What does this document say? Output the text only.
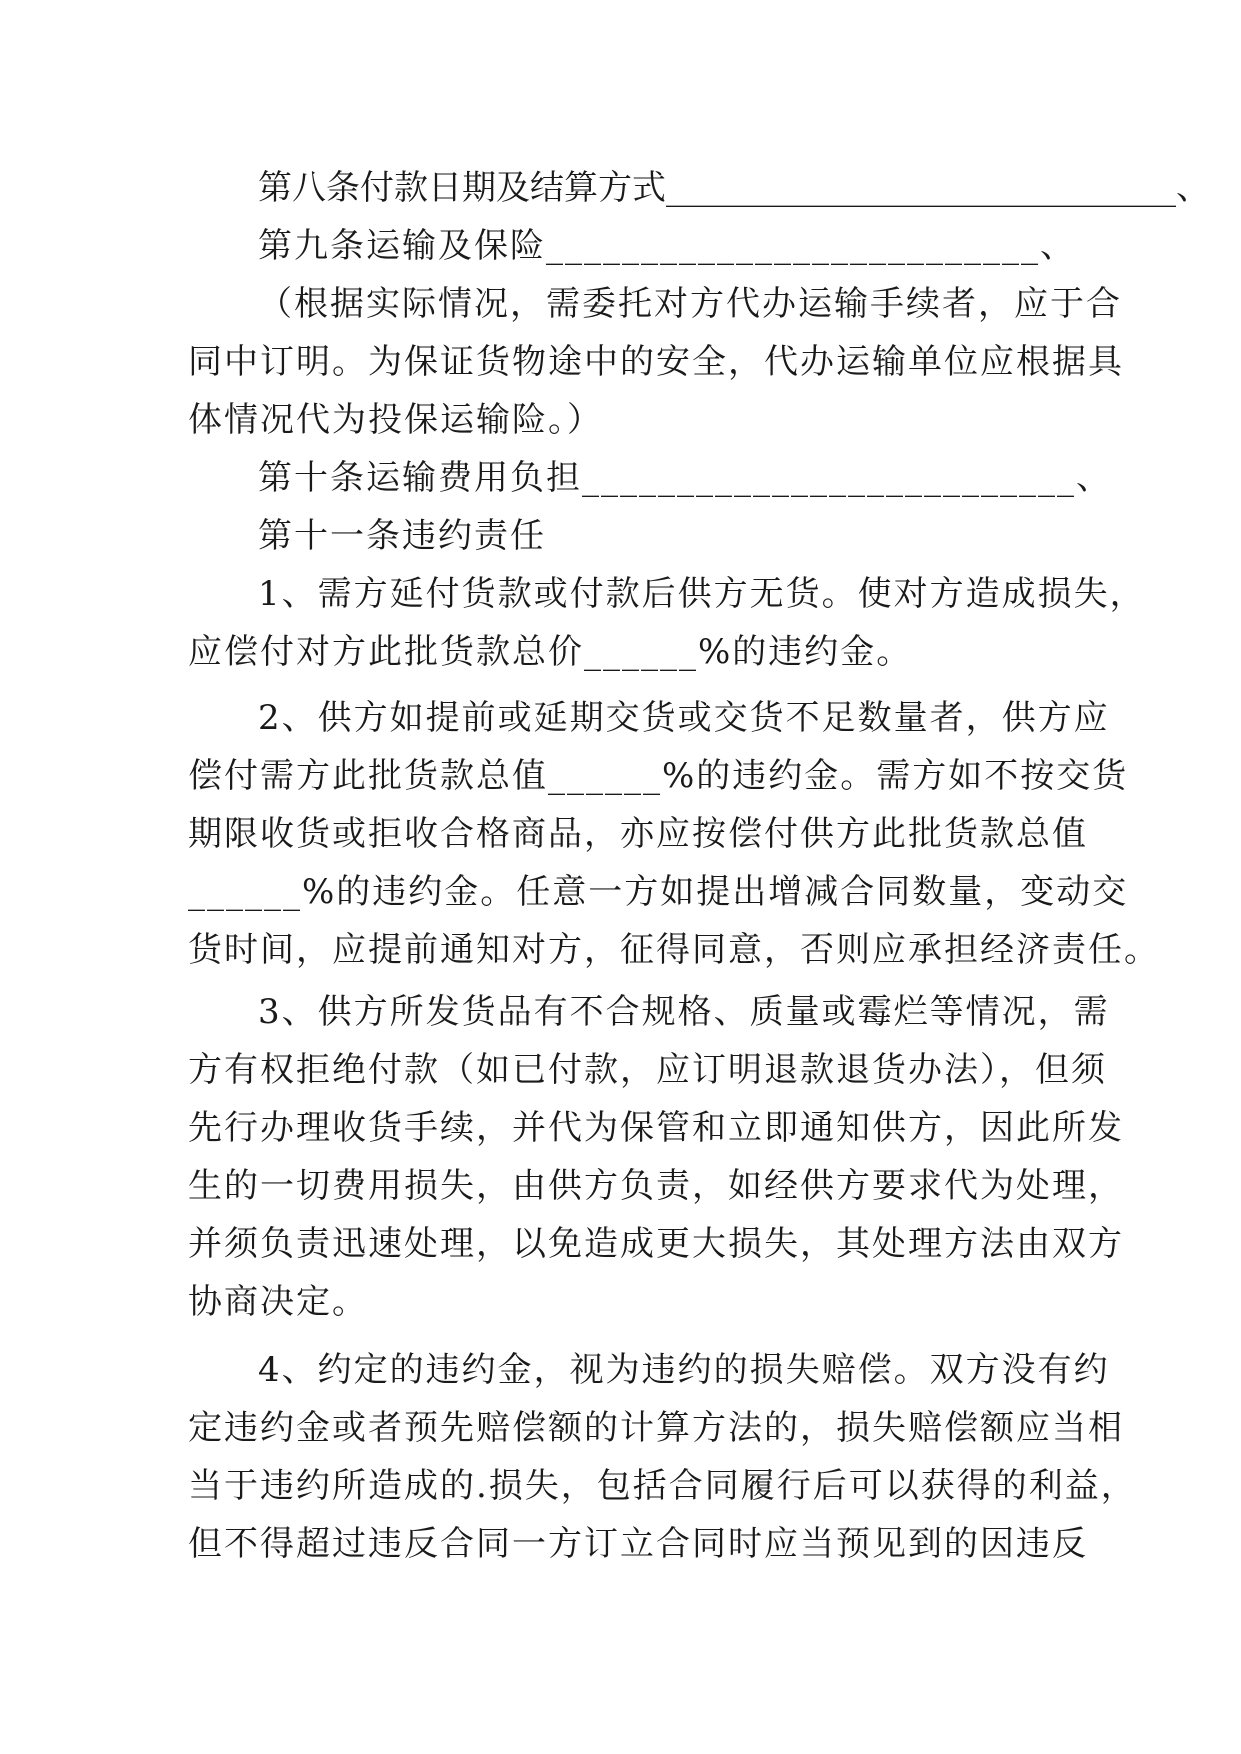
第八条付款日期及结算方式______________________________、
第九条运输及保险__________________________、
（根据实际情况，需委托对方代办运输手续者，应于合
同中订明。为保证货物途中的安全，代办运输单位应根据具
体情况代为投保运输险。）
第十条运输费用负担__________________________、
第十一条违约责任
1、需方延付货款或付款后供方无货。使对方造成损失，
应偿付对方此批货款总价______%的违约金。
2、供方如提前或延期交货或交货不足数量者，供方应
偿付需方此批货款总值______%的违约金。需方如不按交货
期限收货或拒收合格商品，亦应按偿付供方此批货款总值
______%的违约金。任意一方如提出增减合同数量，变动交
货时间，应提前通知对方，征得同意，否则应承担经济责任。
3、供方所发货品有不合规格、质量或霉烂等情况，需
方有权拒绝付款（如已付款，应订明退款退货办法），但须
先行办理收货手续，并代为保管和立即通知供方，因此所发
生的一切费用损失，由供方负责，如经供方要求代为处理，
并须负责迅速处理，以免造成更大损失，其处理方法由双方
协商决定。
4、约定的违约金，视为违约的损失赔偿。双方没有约
定违约金或者预先赔偿额的计算方法的，损失赔偿额应当相
当于违约所造成的.损失，包括合同履行后可以获得的利益，
但不得超过违反合同一方订立合同时应当预见到的因违反
